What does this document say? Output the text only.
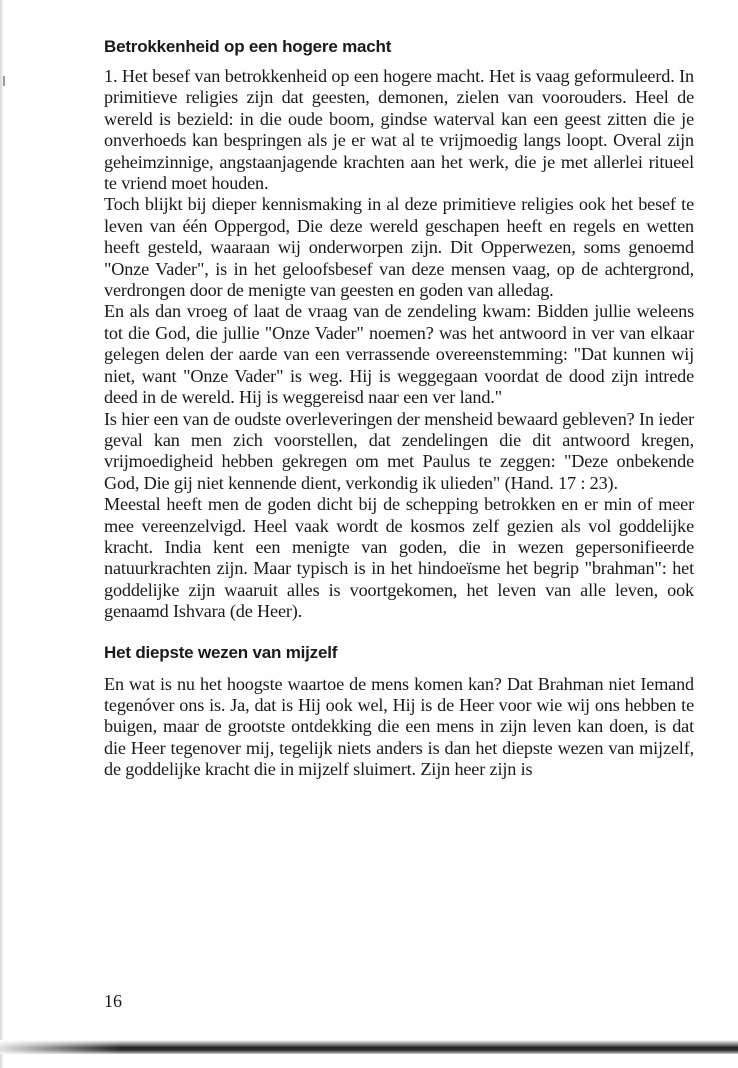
Betrokkenheid op een hogere macht

1. Het besef van betrokkenheid op een hogere macht. Het is vaag geformuleerd. In primitieve religies zijn dat geesten, demonen, zielen van voorouders. Heel de wereld is bezield: in die oude boom, gindse waterval kan een geest zitten die je onverhoeds kan bespringen als je er wat al te vrijmoedig langs loopt. Overal zijn geheimzinnige, angstaanjagende krachten aan het werk, die je met allerlei ritueel te vriend moet houden.

Toch blijkt bij dieper kennismaking in al deze primitieve religies ook het besef te leven van één Oppergod, Die deze wereld geschapen heeft en regels en wetten heeft gesteld, waaraan wij onderworpen zijn. Dit Opperwezen, soms genoemd "Onze Vader", is in het geloofsbesef van deze mensen vaag, op de achtergrond, verdrongen door de menigte van geesten en goden van alledag.

En als dan vroeg of laat de vraag van de zendeling kwam: Bidden jullie weleens tot die God, die jullie "Onze Vader" noemen? was het antwoord in ver van elkaar gelegen delen der aarde van een verrassende overeenstemming: "Dat kunnen wij niet, want "Onze Vader" is weg. Hij is weggegaan voordat de dood zijn intrede deed in de wereld. Hij is weggereisd naar een ver land."

Is hier een van de oudste overleveringen der mensheid bewaard gebleven? In ieder geval kan men zich voorstellen, dat zendelingen die dit antwoord kregen, vrijmoedigheid hebben gekregen om met Paulus te zeggen: "Deze onbekende God, Die gij niet kennende dient, verkondig ik ulieden" (Hand. 17 : 23).

Meestal heeft men de goden dicht bij de schepping betrokken en er min of meer mee vereenzelvigd. Heel vaak wordt de kosmos zelf gezien als vol goddelijke kracht. India kent een menigte van goden, die in wezen gepersonifieerde natuurkrachten zijn. Maar typisch is in het hindoeïsme het begrip "brahman": het goddelijke zijn waaruit alles is voortgekomen, het leven van alle leven, ook genaamd Ishvara (de Heer).

Het diepste wezen van mijzelf

En wat is nu het hoogste waartoe de mens komen kan? Dat Brahman niet Iemand tegenóver ons is. Ja, dat is Hij ook wel, Hij is de Heer voor wie wij ons hebben te buigen, maar de grootste ontdekking die een mens in zijn leven kan doen, is dat die Heer tegenover mij, tegelijk niets anders is dan het diepste wezen van mijzelf, de goddelijke kracht die in mijzelf sluimert. Zijn heer zijn is

16
